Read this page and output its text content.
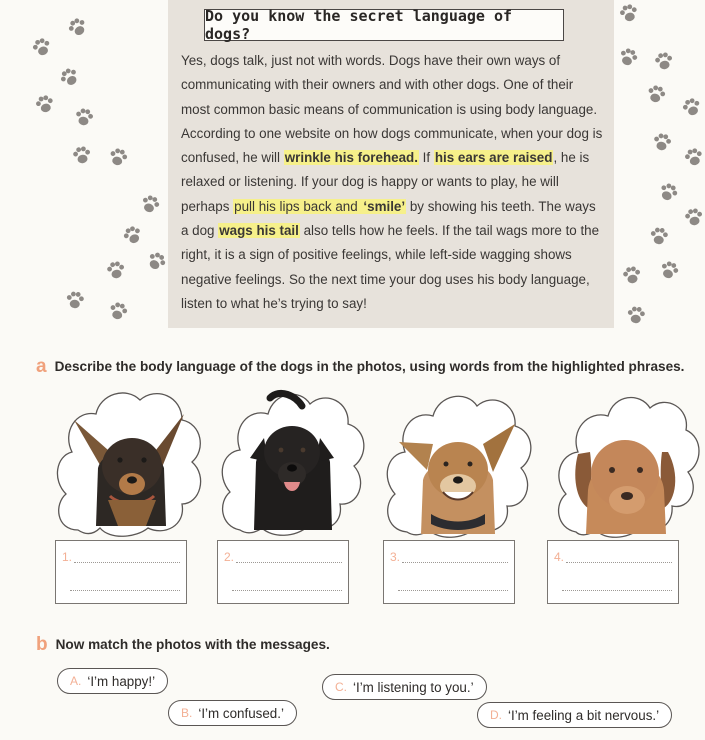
Do you know the secret language of dogs?
Yes, dogs talk, just not with words. Dogs have their own ways of communicating with their owners and with other dogs. One of their most common basic means of communication is using body language. According to one website on how dogs communicate, when your dog is confused, he will wrinkle his forehead. If his ears are raised, he is relaxed or listening. If your dog is happy or wants to play, he will perhaps pull his lips back and ‘smile’ by showing his teeth. The ways a dog wags his tail also tells how he feels. If the tail wags more to the right, it is a sign of positive feelings, while left-side wagging shows negative feelings. So the next time your dog uses his body language, listen to what he’s trying to say!
a Describe the body language of the dogs in the photos, using words from the highlighted phrases.
1.	2.	3.	4.
b Now match the photos with the messages.
A. ‘I’m happy!’	C. ‘I’m listening to you.’
B. ‘I’m confused.’	D. ‘I’m feeling a bit nervous.’
